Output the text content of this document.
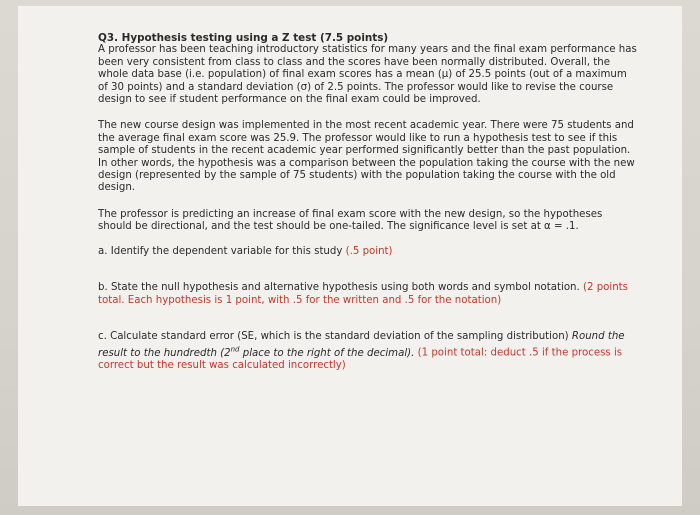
Q3. Hypothesis testing using a Z test (7.5 points)

A professor has been teaching introductory statistics for many years and the final exam performance has been very consistent from class to class and the scores have been normally distributed. Overall, the whole data base (i.e. population) of final exam scores has a mean (μ) of 25.5 points (out of a maximum of 30 points) and a standard deviation (σ) of 2.5 points. The professor would like to revise the course design to see if student performance on the final exam could be improved.

The new course design was implemented in the most recent academic year. There were 75 students and the average final exam score was 25.9. The professor would like to run a hypothesis test to see if this sample of students in the recent academic year performed significantly better than the past population. In other words, the hypothesis was a comparison between the population taking the course with the new design (represented by the sample of 75 students) with the population taking the course with the old design.

The professor is predicting an increase of final exam score with the new design, so the hypotheses should be directional, and the test should be one-tailed. The significance level is set at α = .1.

a. Identify the dependent variable for this study (.5 point)

b. State the null hypothesis and alternative hypothesis using both words and symbol notation. (2 points total. Each hypothesis is 1 point, with .5 for the written and .5 for the notation)

c. Calculate standard error (SE, which is the standard deviation of the sampling distribution) Round the result to the hundredth (2nd place to the right of the decimal). (1 point total: deduct .5 if the process is correct but the result was calculated incorrectly)
